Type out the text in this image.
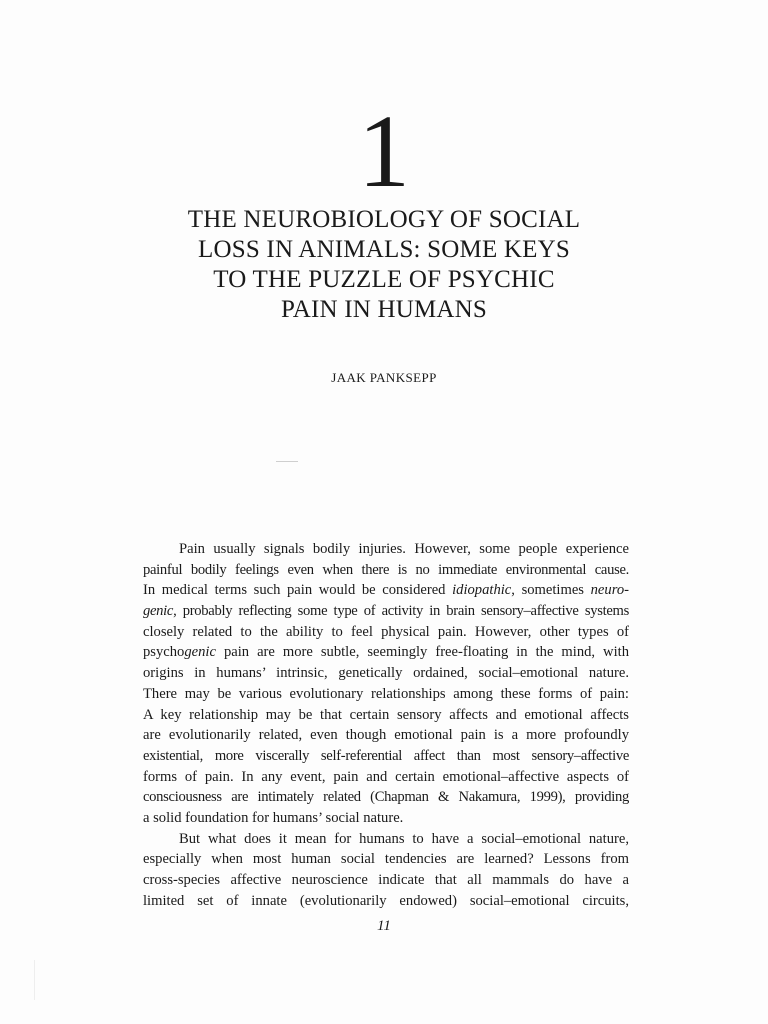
1
THE NEUROBIOLOGY OF SOCIAL
LOSS IN ANIMALS: SOME KEYS
TO THE PUZZLE OF PSYCHIC
PAIN IN HUMANS
JAAK PANKSEPP
Pain usually signals bodily injuries. However, some people experience
painful bodily feelings even when there is no immediate environmental cause.
In medical terms such pain would be considered idiopathic, sometimes neuro-
genic, probably reflecting some type of activity in brain sensory–affective systems
closely related to the ability to feel physical pain. However, other types of
psychogenic pain are more subtle, seemingly free-floating in the mind, with
origins in humans’ intrinsic, genetically ordained, social–emotional nature.
There may be various evolutionary relationships among these forms of pain:
A key relationship may be that certain sensory affects and emotional affects
are evolutionarily related, even though emotional pain is a more profoundly
existential, more viscerally self-referential affect than most sensory–affective
forms of pain. In any event, pain and certain emotional–affective aspects of
consciousness are intimately related (Chapman & Nakamura, 1999), providing
a solid foundation for humans’ social nature.
But what does it mean for humans to have a social–emotional nature,
especially when most human social tendencies are learned? Lessons from
cross-species affective neuroscience indicate that all mammals do have a
limited set of innate (evolutionarily endowed) social–emotional circuits,
11
